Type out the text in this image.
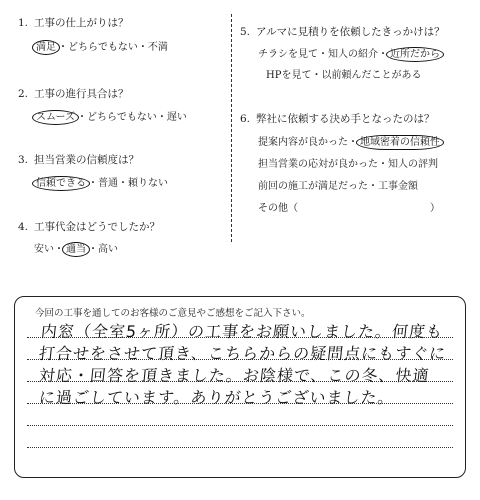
1. 工事の仕上がりは？
満足 ・どちらでもない・不満
2. 工事の進行具合は？
スムーズ ・どちらでもない・遅い
3. 担当営業の信頼度は？
信頼できる ・普通・頼りない
4. 工事代金はどうでしたか？
安い・ 適当 ・高い
5. アルマに見積りを依頼したきっかけは？
チラシを見て・知人の紹介・ 近所だから
HPを見て・以前頼んだことがある
6. 弊社に依頼する決め手となったのは？
提案内容が良かった・ 地域密着の信頼性
担当営業の応対が良かった・知人の評判
前回の施工が満足だった・工事金額
その他（	）
今回の工事を通してのお客様のご意見やご感想をご記入下さい。
内窓（全室5ヶ所）の工事をお願いしました。何度も
打合せをさせて頂き、こちらからの疑問点にもすぐに
対応・回答を頂きました。お陰様で、この冬、快適
に過ごしています。ありがとうございました。
